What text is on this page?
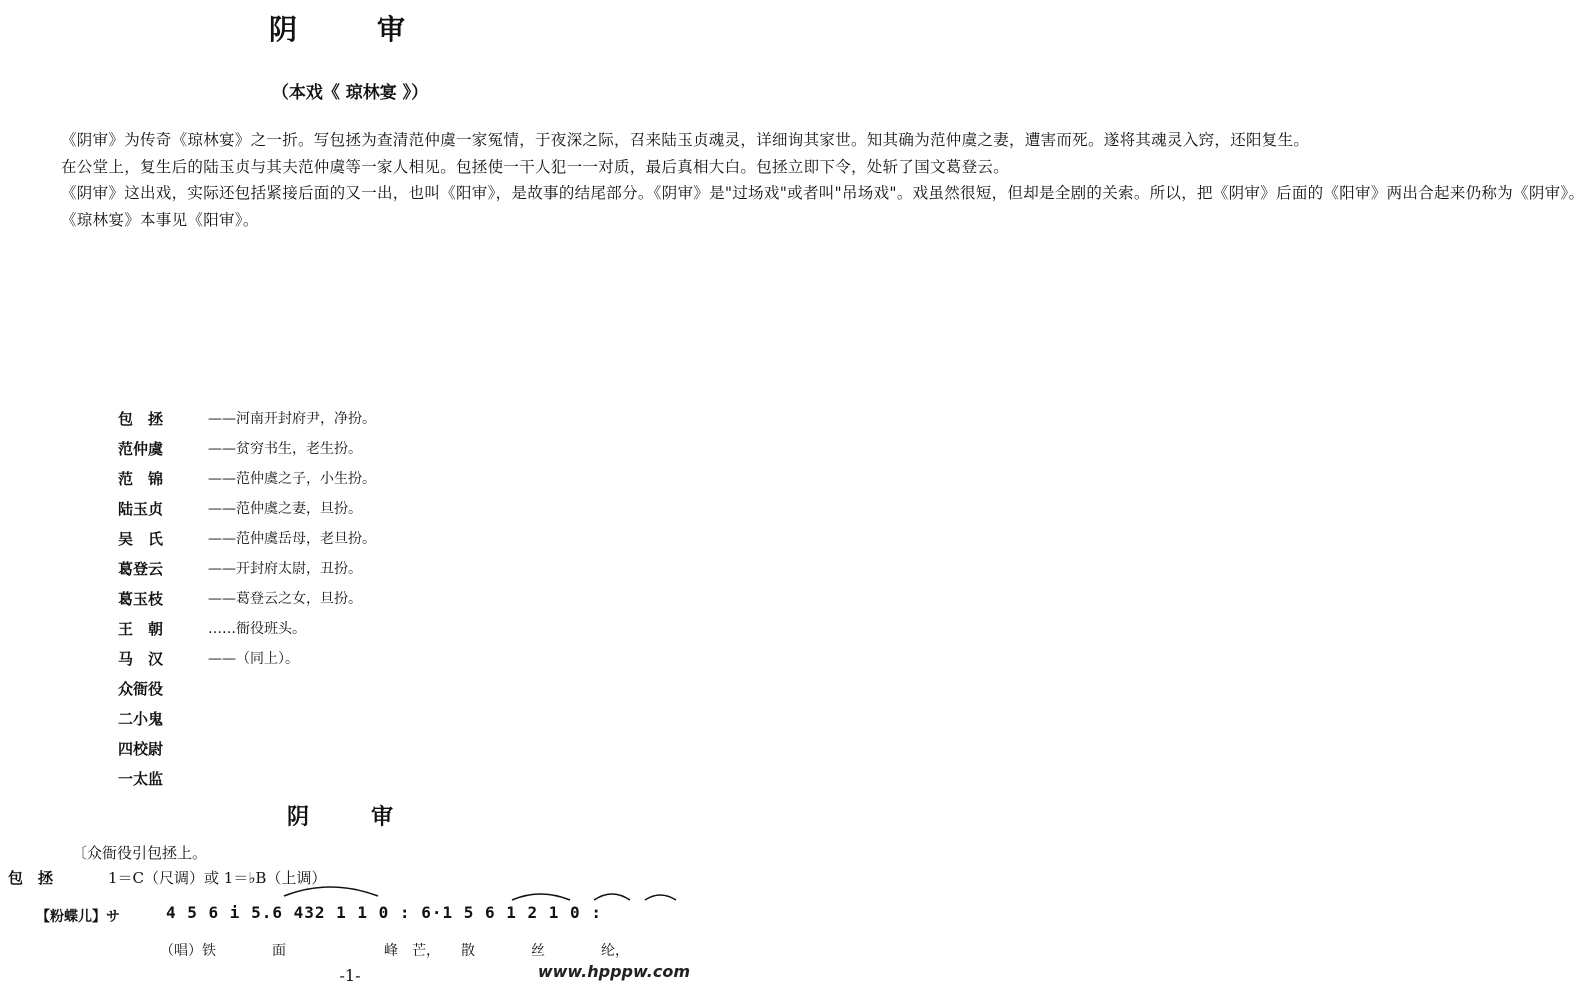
阴　审
（本戏《 琼林宴 》）

《阴审》为传奇《琼林宴》之一折。写包拯为查清范仲虞一家冤情，于夜深之际，召来陆玉贞魂灵，详细询其家世。知其确为范仲虞之妻，遭害而死。遂将其魂灵入窍，还阳复生。

在公堂上，复生后的陆玉贞与其夫范仲虞等一家人相见。包拯使一干人犯一一对质，最后真相大白。包拯立即下令，处斩了国文葛登云。

《阴审》这出戏，实际还包括紧接后面的又一出，也叫《阳审》，是故事的结尾部分。《阴审》是"过场戏"或者叫"吊场戏"。戏虽然很短，但却是全剧的关索。所以，把《阴审》后面的《阳审》两出合起来仍称为《阴审》。

《琼林宴》本事见《阳审》。

包　拯	——河南开封府尹，净扮。
范仲虞	——贫穷书生，老生扮。
范　锦	——范仲虞之子，小生扮。
陆玉贞	——范仲虞之妻，旦扮。
吴　氏	——范仲虞岳母，老旦扮。
葛登云	——开封府太尉，丑扮。
葛玉枝	——葛登云之女，旦扮。
王　朝	……衙役班头。
马　汉	——（同上）。
众衙役
二小鬼
四校尉
一太监
阴　审
〔众衙役引包拯上。
包　拯	1＝C（尺调）或 1＝♭B（上调）
【粉蝶儿】サ	4 5 6 i 5.6 432 1 1 0 : 6·1 5 6 1 2 1 0 :
（唱）铁　　　　面　　　　　　　峰　芒，　　散　　　　丝　　　　纶，
-1-	www.hpppw.com
